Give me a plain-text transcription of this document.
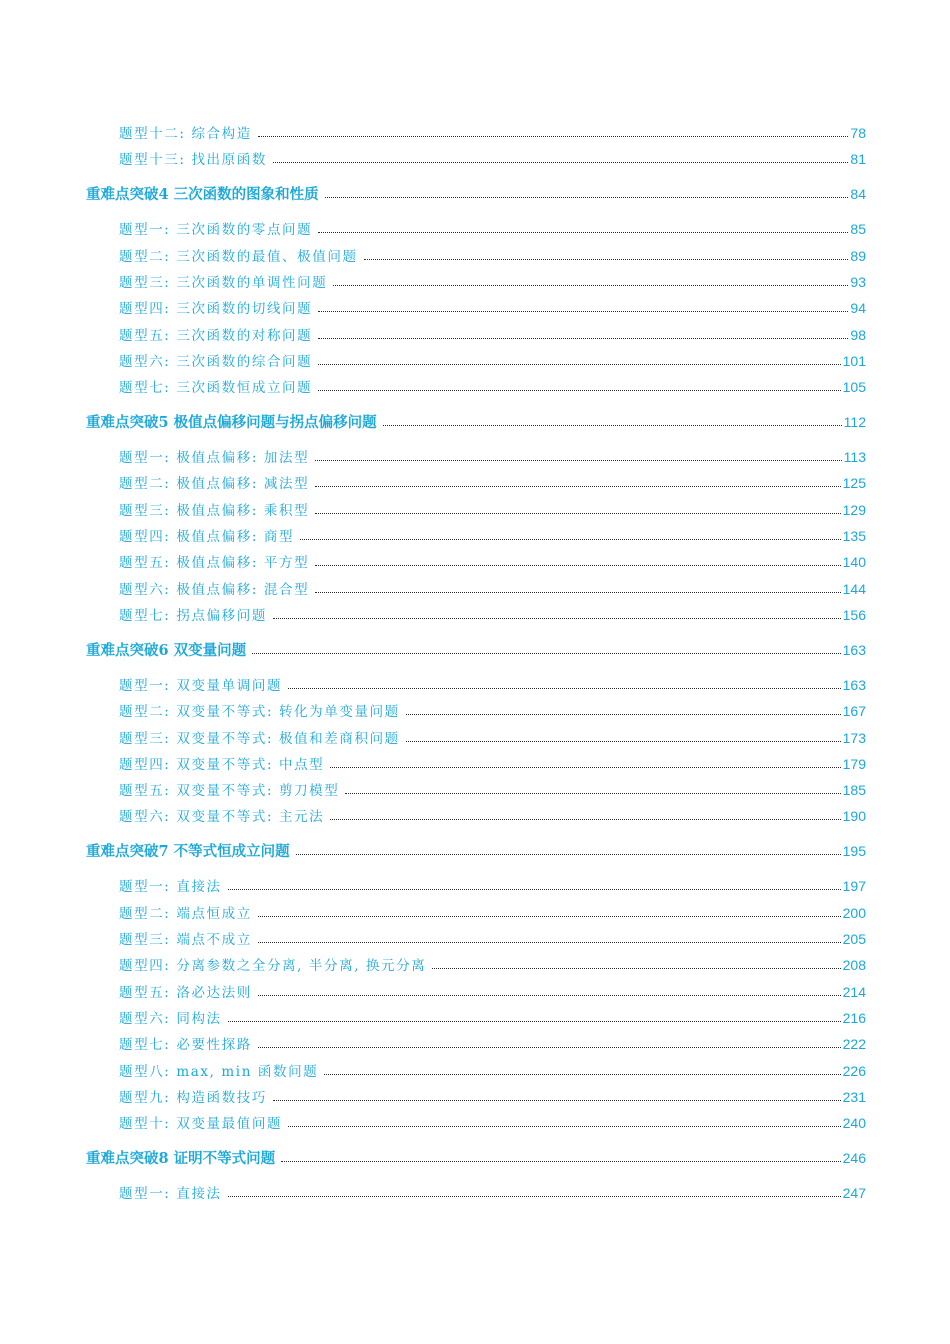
题型十二: 综合构造	78
题型十三: 找出原函数	81
重难点突破4 三次函数的图象和性质	84
题型一: 三次函数的零点问题	85
题型二: 三次函数的最值、极值问题	89
题型三: 三次函数的单调性问题	93
题型四: 三次函数的切线问题	94
题型五: 三次函数的对称问题	98
题型六: 三次函数的综合问题	101
题型七: 三次函数恒成立问题	105
重难点突破5 极值点偏移问题与拐点偏移问题	112
题型一: 极值点偏移: 加法型	113
题型二: 极值点偏移: 减法型	125
题型三: 极值点偏移: 乘积型	129
题型四: 极值点偏移: 商型	135
题型五: 极值点偏移: 平方型	140
题型六: 极值点偏移: 混合型	144
题型七: 拐点偏移问题	156
重难点突破6 双变量问题	163
题型一: 双变量单调问题	163
题型二: 双变量不等式: 转化为单变量问题	167
题型三: 双变量不等式: 极值和差商积问题	173
题型四: 双变量不等式: 中点型	179
题型五: 双变量不等式: 剪刀模型	185
题型六: 双变量不等式: 主元法	190
重难点突破7 不等式恒成立问题	195
题型一: 直接法	197
题型二: 端点恒成立	200
题型三: 端点不成立	205
题型四: 分离参数之全分离, 半分离, 换元分离	208
题型五: 洛必达法则	214
题型六: 同构法	216
题型七: 必要性探路	222
题型八: max, min 函数问题	226
题型九: 构造函数技巧	231
题型十: 双变量最值问题	240
重难点突破8 证明不等式问题	246
题型一: 直接法	247
